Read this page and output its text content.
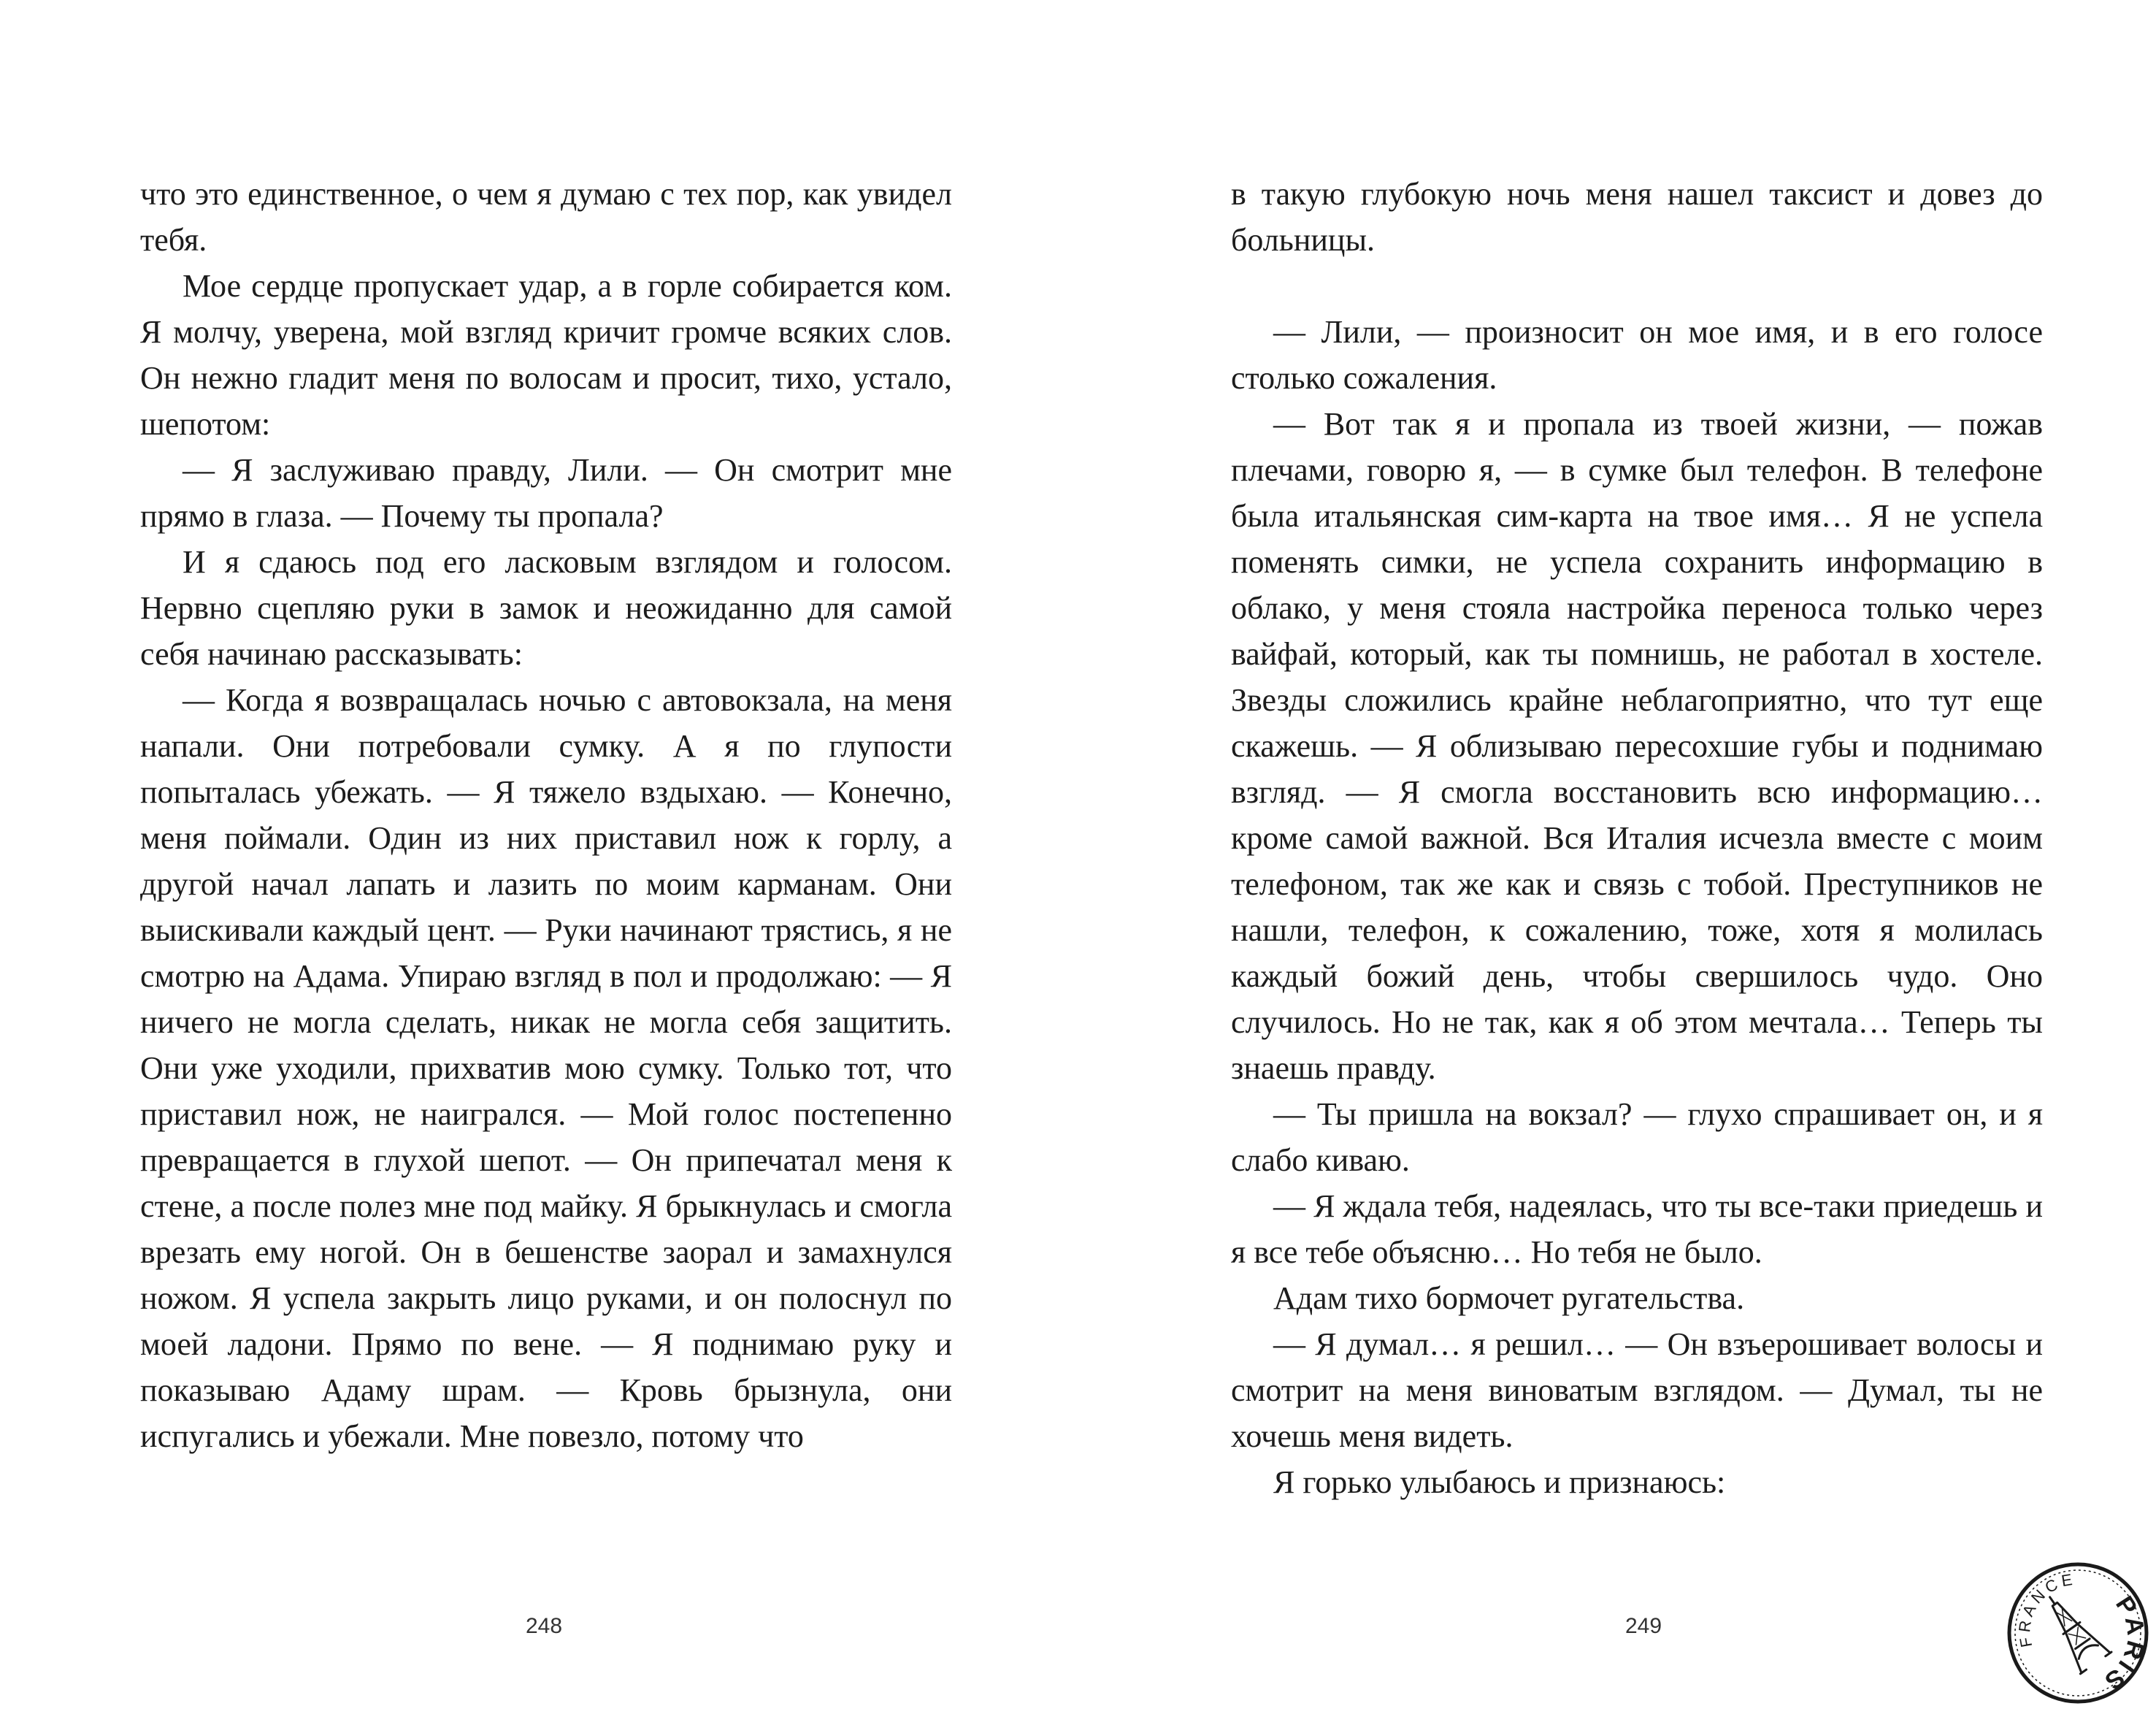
что это единственное, о чем я думаю с тех пор, как увидел тебя.

Мое сердце пропускает удар, а в горле собирается ком. Я молчу, уверена, мой взгляд кричит громче всяких слов. Он нежно гладит меня по волосам и просит, тихо, устало, шепотом:

— Я заслуживаю правду, Лили. — Он смотрит мне прямо в глаза. — Почему ты пропала?

И я сдаюсь под его ласковым взглядом и голосом. Нервно сцепляю руки в замок и неожиданно для самой себя начинаю рассказывать:

— Когда я возвращалась ночью с автовокзала, на меня напали. Они потребовали сумку. А я по глупости попыталась убежать. — Я тяжело вздыхаю. — Конечно, меня поймали. Один из них приставил нож к горлу, а другой начал лапать и лазить по моим карманам. Они выискивали каждый цент. — Руки начинают трястись, я не смотрю на Адама. Упираю взгляд в пол и продолжаю: — Я ничего не могла сделать, никак не могла себя защитить. Они уже уходили, прихватив мою сумку. Только тот, что приставил нож, не наигрался. — Мой голос постепенно превращается в глухой шепот. — Он припечатал меня к стене, а после полез мне под майку. Я брыкнулась и смогла врезать ему ногой. Он в бешенстве заорал и замахнулся ножом. Я успела закрыть лицо руками, и он полоснул по моей ладони. Прямо по вене. — Я поднимаю руку и показываю Адаму шрам. — Кровь брызнула, они испугались и убежали. Мне повезло, потому что

248

в такую глубокую ночь меня нашел таксист и довез до больницы.

— Лили, — произносит он мое имя, и в его голосе столько сожаления.

— Вот так я и пропала из твоей жизни, — пожав плечами, говорю я, — в сумке был телефон. В телефоне была итальянская сим-карта на твое имя… Я не успела поменять симки, не успела сохранить информацию в облако, у меня стояла настройка переноса только через вайфай, который, как ты помнишь, не работал в хостеле. Звезды сложились крайне неблагоприятно, что тут еще скажешь. — Я облизываю пересохшие губы и поднимаю взгляд. — Я смогла восстановить всю информацию… кроме самой важной. Вся Италия исчезла вместе с моим телефоном, так же как и связь с тобой. Преступников не нашли, телефон, к сожалению, тоже, хотя я молилась каждый божий день, чтобы свершилось чудо. Оно случилось. Но не так, как я об этом мечтала… Теперь ты знаешь правду.

— Ты пришла на вокзал? — глухо спрашивает он, и я слабо киваю.

— Я ждала тебя, надеялась, что ты все-таки приедешь и я все тебе объясню… Но тебя не было.

Адам тихо бормочет ругательства.

— Я думал… я решил… — Он взъерошивает волосы и смотрит на меня виноватым взглядом. — Думал, ты не хочешь меня видеть.

Я горько улыбаюсь и признаюсь:

249
FRANCE
PARIS
